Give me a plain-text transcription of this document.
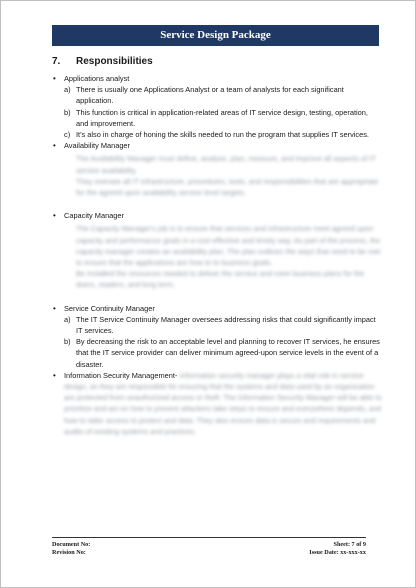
Service Design Package
7. Responsibilities
• Applications analyst
a) There is usually one Applications Analyst or a team of analysts for each significant application.
b) This function is critical in application-related areas of IT service design, testing, operation, and improvement.
c) It's also in charge of honing the skills needed to run the program that supplies IT services.
• Availability Manager
The Availability Manager must define, analyse, plan, measure, and improve all aspects of IT service availability.
They oversee all IT infrastructure, procedures, tools, and responsibilities that are appropriate for the agreed upon availability service level targets.
• Capacity Manager
The Capacity Manager's job is to ensure that services and infrastructure meet agreed upon capacity and performance goals in a cost effective and timely way. As part of the process, the capacity manager creates an availability plan. The plan outlines the ways that need to be met to ensure that the applications are how to to business goals.
Be installed the resources needed to deliver the service and meet business plans for the doers, readers, and long term.
• Service Continuity Manager
a) The IT Service Continuity Manager oversees addressing risks that could significantly impact IT services.
b) By decreasing the risk to an acceptable level and planning to recover IT services, he ensures that the IT service provider can deliver minimum agreed-upon service levels in the event of a disaster.
• Information Security Management- Information security manager plays a vital role in service design, as they are responsible for ensuring that the systems and data used by an organization are protected from unauthorized access or theft. The Information Security Manager will be able to prioritize and act on how to prevent attackers take steps to ensure and everywhere depends, and how to tailor access to protect and data. They also ensure data is secure and requirements and audits of existing systems and practices.
Document No:	Sheet: 7 of 9
Revision No:	Issue Date: xx-xxx-xx
